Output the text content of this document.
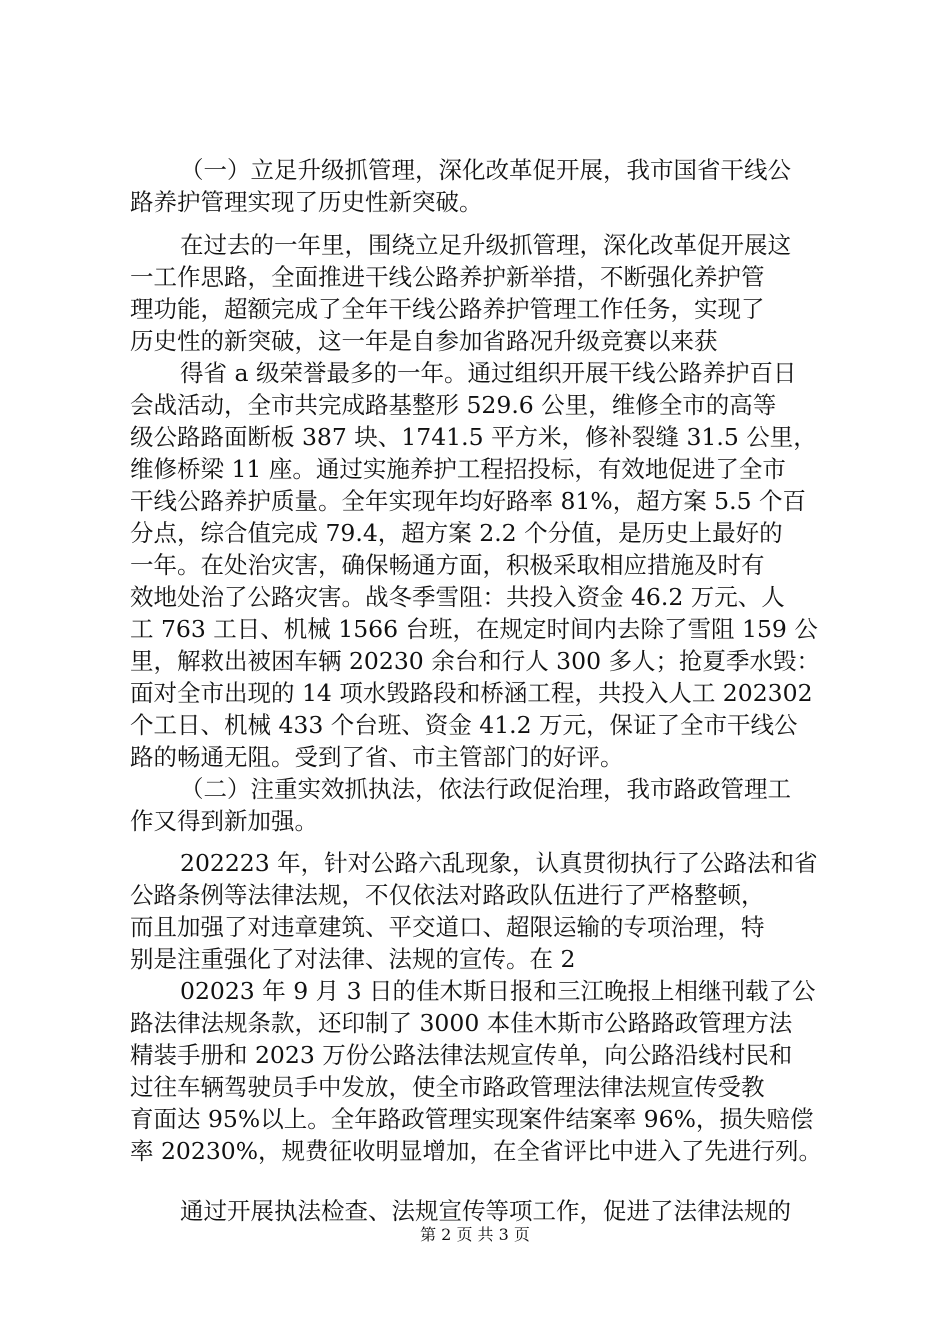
（一）立足升级抓管理，深化改革促开展，我市国省干线公
路养护管理实现了历史性新突破。
在过去的一年里，围绕立足升级抓管理，深化改革促开展这
一工作思路，全面推进干线公路养护新举措，不断强化养护管
理功能，超额完成了全年干线公路养护管理工作任务，实现了
历史性的新突破，这一年是自参加省路况升级竞赛以来获
得省 a 级荣誉最多的一年。通过组织开展干线公路养护百日
会战活动，全市共完成路基整形 529.6 公里，维修全市的高等
级公路路面断板 387 块、1741.5 平方米，修补裂缝 31.5 公里，
维修桥梁 11 座。通过实施养护工程招投标，有效地促进了全市
干线公路养护质量。全年实现年均好路率 81%，超方案 5.5 个百
分点，综合值完成 79.4，超方案 2.2 个分值，是历史上最好的
一年。在处治灾害，确保畅通方面，积极采取相应措施及时有
效地处治了公路灾害。战冬季雪阻：共投入资金 46.2 万元、人
工 763 工日、机械 1566 台班，在规定时间内去除了雪阻 159 公
里，解救出被困车辆 20230 余台和行人 300 多人；抢夏季水毁：
面对全市出现的 14 项水毁路段和桥涵工程，共投入人工 202302
个工日、机械 433 个台班、资金 41.2 万元，保证了全市干线公
路的畅通无阻。受到了省、市主管部门的好评。
（二）注重实效抓执法，依法行政促治理，我市路政管理工
作又得到新加强。
202223 年，针对公路六乱现象，认真贯彻执行了公路法和省
公路条例等法律法规，不仅依法对路政队伍进行了严格整顿，
而且加强了对违章建筑、平交道口、超限运输的专项治理，特
别是注重强化了对法律、法规的宣传。在 2
02023 年 9 月 3 日的佳木斯日报和三江晚报上相继刊载了公
路法律法规条款，还印制了 3000 本佳木斯市公路路政管理方法
精装手册和 2023 万份公路法律法规宣传单，向公路沿线村民和
过往车辆驾驶员手中发放，使全市路政管理法律法规宣传受教
育面达 95%以上。全年路政管理实现案件结案率 96%，损失赔偿
率 20230%，规费征收明显增加，在全省评比中进入了先进行列。
通过开展执法检查、法规宣传等项工作，促进了法律法规的
第 2 页 共 3 页
